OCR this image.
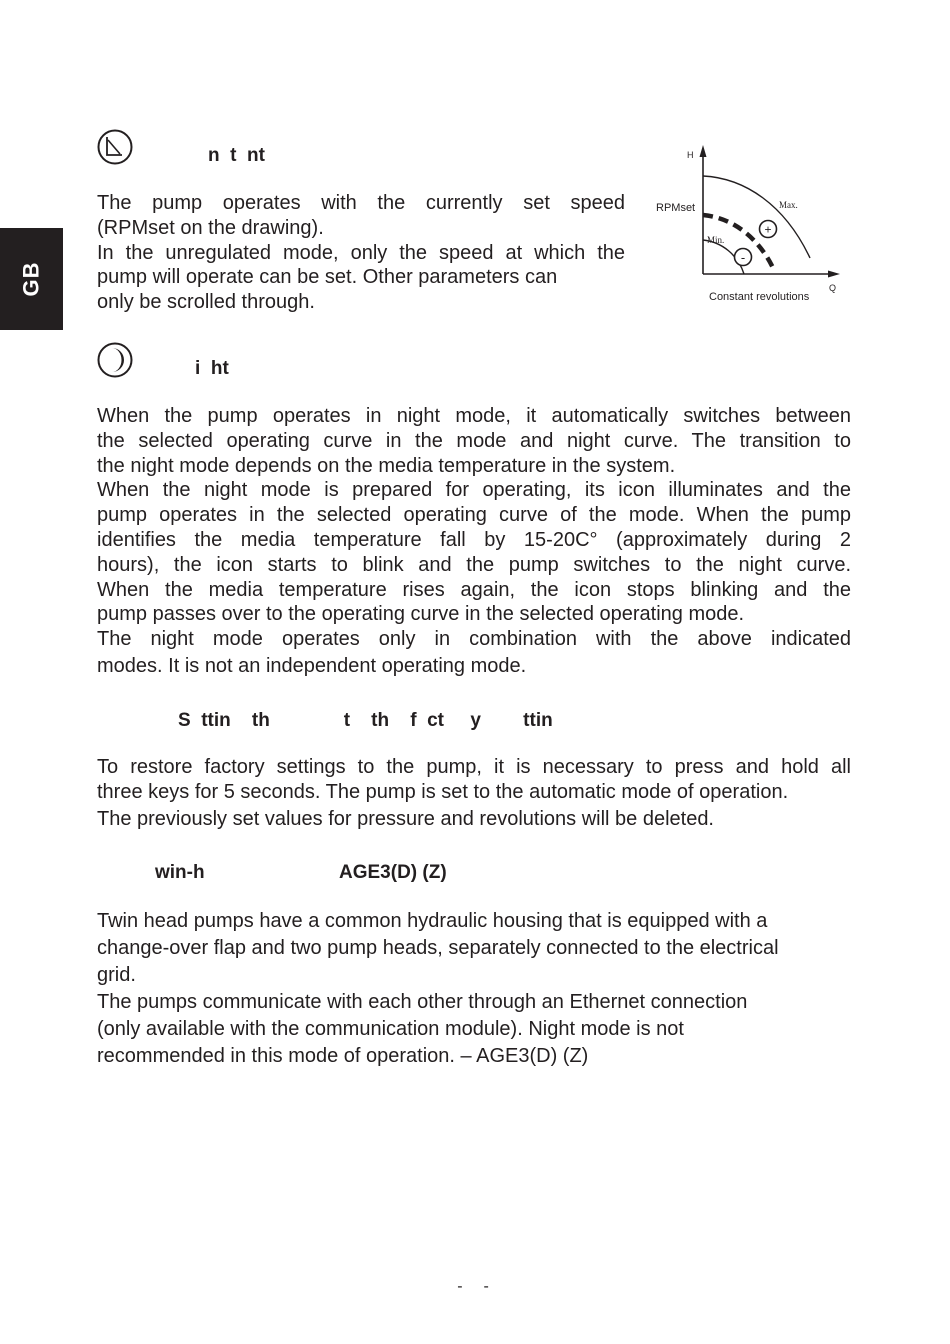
GB
n  t  nt
The pump operates with the currently set speed
(RPMset on the drawing).
In the unregulated mode, only the speed at which the
pump will operate can be set. Other parameters can
only be scrolled through.
+
-
H
Q
RPMset	Max.
Min.
Constant revolutions
i  ht
When the pump operates in night mode, it automatically switches between
the selected operating curve in the mode and night curve. The transition to
the night mode depends on the media temperature in the system.
When the night mode is prepared for operating, its icon illuminates and the
pump operates in the selected operating curve of the mode. When the pump
identifies the media temperature fall by 15-20C° (approximately during 2
hours), the icon starts to blink and the pump switches to the night curve.
When the media temperature rises again, the icon stops blinking and the
pump passes over to the operating curve in the selected operating mode.
The night mode operates only in combination with the above indicated
modes. It is not an independent operating mode.
S  ttin    th              t    th    f  ct     y        ttin
To restore factory settings to the pump, it is necessary to press and hold all
three keys for 5 seconds. The pump is set to the automatic mode of operation.
The previously set values for pressure and revolutions will be deleted.
win-h	AGE3(D) (Z)
Twin head pumps have a common hydraulic housing that is equipped with a
change-over flap and two pump heads, separately connected to the electrical
grid.
The pumps communicate with each other through an Ethernet connection
(only available with the communication module). Night mode is not
recommended in this mode of operation. – AGE3(D) (Z)
-  -
